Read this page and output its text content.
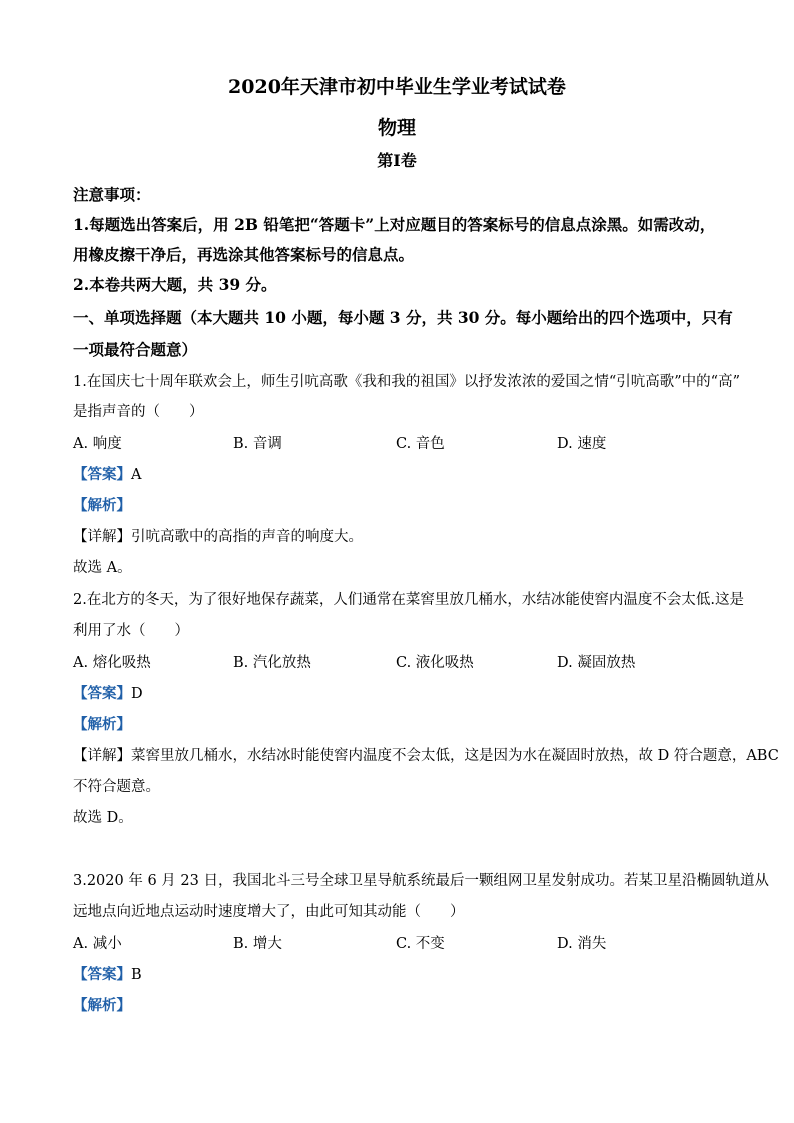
2020年天津市初中毕业生学业考试试卷
物理
第Ⅰ卷
注意事项：
1.每题选出答案后，用 2B 铅笔把“答题卡”上对应题目的答案标号的信息点涂黑。如需改动，
用橡皮擦干净后，再选涂其他答案标号的信息点。
2.本卷共两大题，共 39 分。
一、单项选择题（本大题共 10 小题，每小题 3 分，共 30 分。每小题给出的四个选项中，只有
一项最符合题意）
1.在国庆七十周年联欢会上，师生引吭高歌《我和我的祖国》以抒发浓浓的爱国之情“引吭高歌”中的“高”
是指声音的（　　）
A. 响度	B. 音调	C. 音色	D. 速度
【答案】A
【解析】
【详解】引吭高歌中的高指的声音的响度大。
故选 A。
2.在北方的冬天，为了很好地保存蔬菜，人们通常在菜窖里放几桶水，水结冰能使窖内温度不会太低.这是
利用了水（　　）
A. 熔化吸热	B. 汽化放热	C. 液化吸热	D. 凝固放热
【答案】D
【解析】
【详解】菜窖里放几桶水，水结冰时能使窖内温度不会太低，这是因为水在凝固时放热，故 D 符合题意，ABC
不符合题意。
故选 D。
3.2020 年 6 月 23 日，我国北斗三号全球卫星导航系统最后一颗组网卫星发射成功。若某卫星沿椭圆轨道从
远地点向近地点运动时速度增大了，由此可知其动能（　　）
A. 减小	B. 增大	C. 不变	D. 消失
【答案】B
【解析】
